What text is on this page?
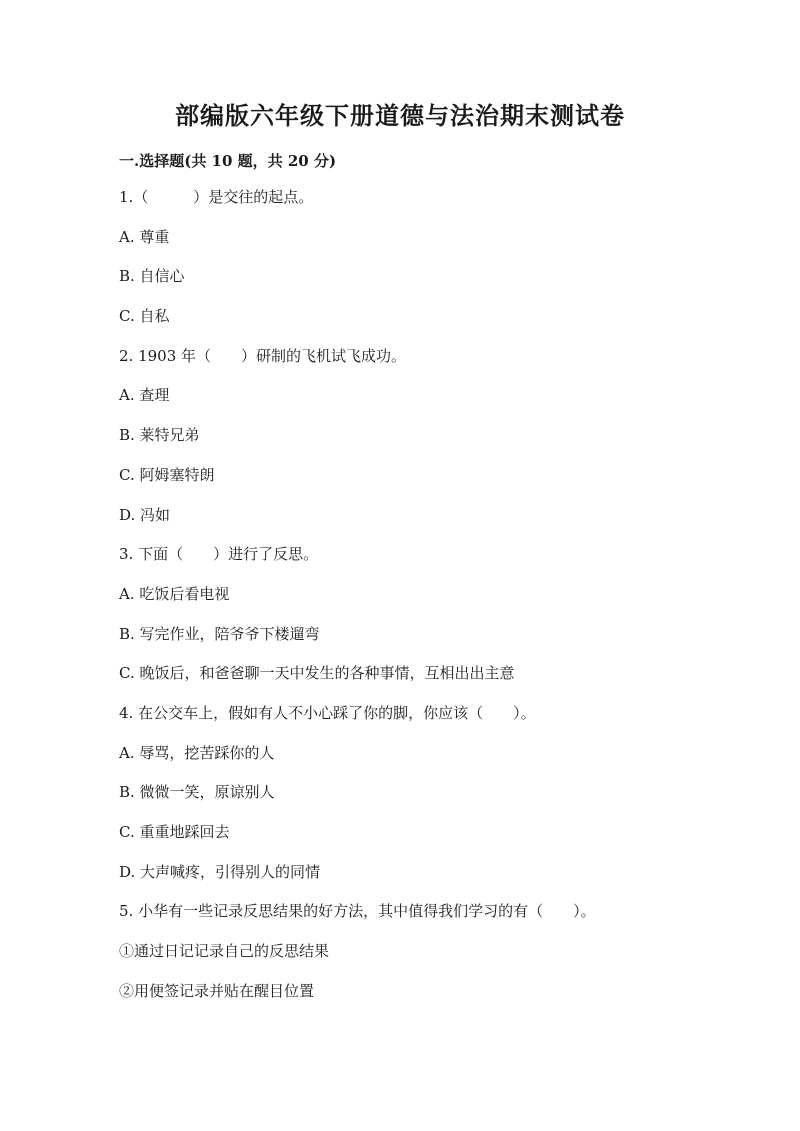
部编版六年级下册道德与法治期末测试卷
一.选择题(共 10 题，共 20 分)
1.（　　　）是交往的起点。
A. 尊重
B. 自信心
C. 自私
2. 1903 年（　　）研制的飞机试飞成功。
A. 查理
B. 莱特兄弟
C. 阿姆塞特朗
D. 冯如
3. 下面（　　）进行了反思。
A. 吃饭后看电视
B. 写完作业，陪爷爷下楼遛弯
C. 晚饭后，和爸爸聊一天中发生的各种事情，互相出出主意
4. 在公交车上，假如有人不小心踩了你的脚，你应该（　　）。
A. 辱骂，挖苦踩你的人
B. 微微一笑，原谅别人
C. 重重地踩回去
D. 大声喊疼，引得别人的同情
5. 小华有一些记录反思结果的好方法，其中值得我们学习的有（　　）。
①通过日记记录自己的反思结果
②用便签记录并贴在醒目位置
